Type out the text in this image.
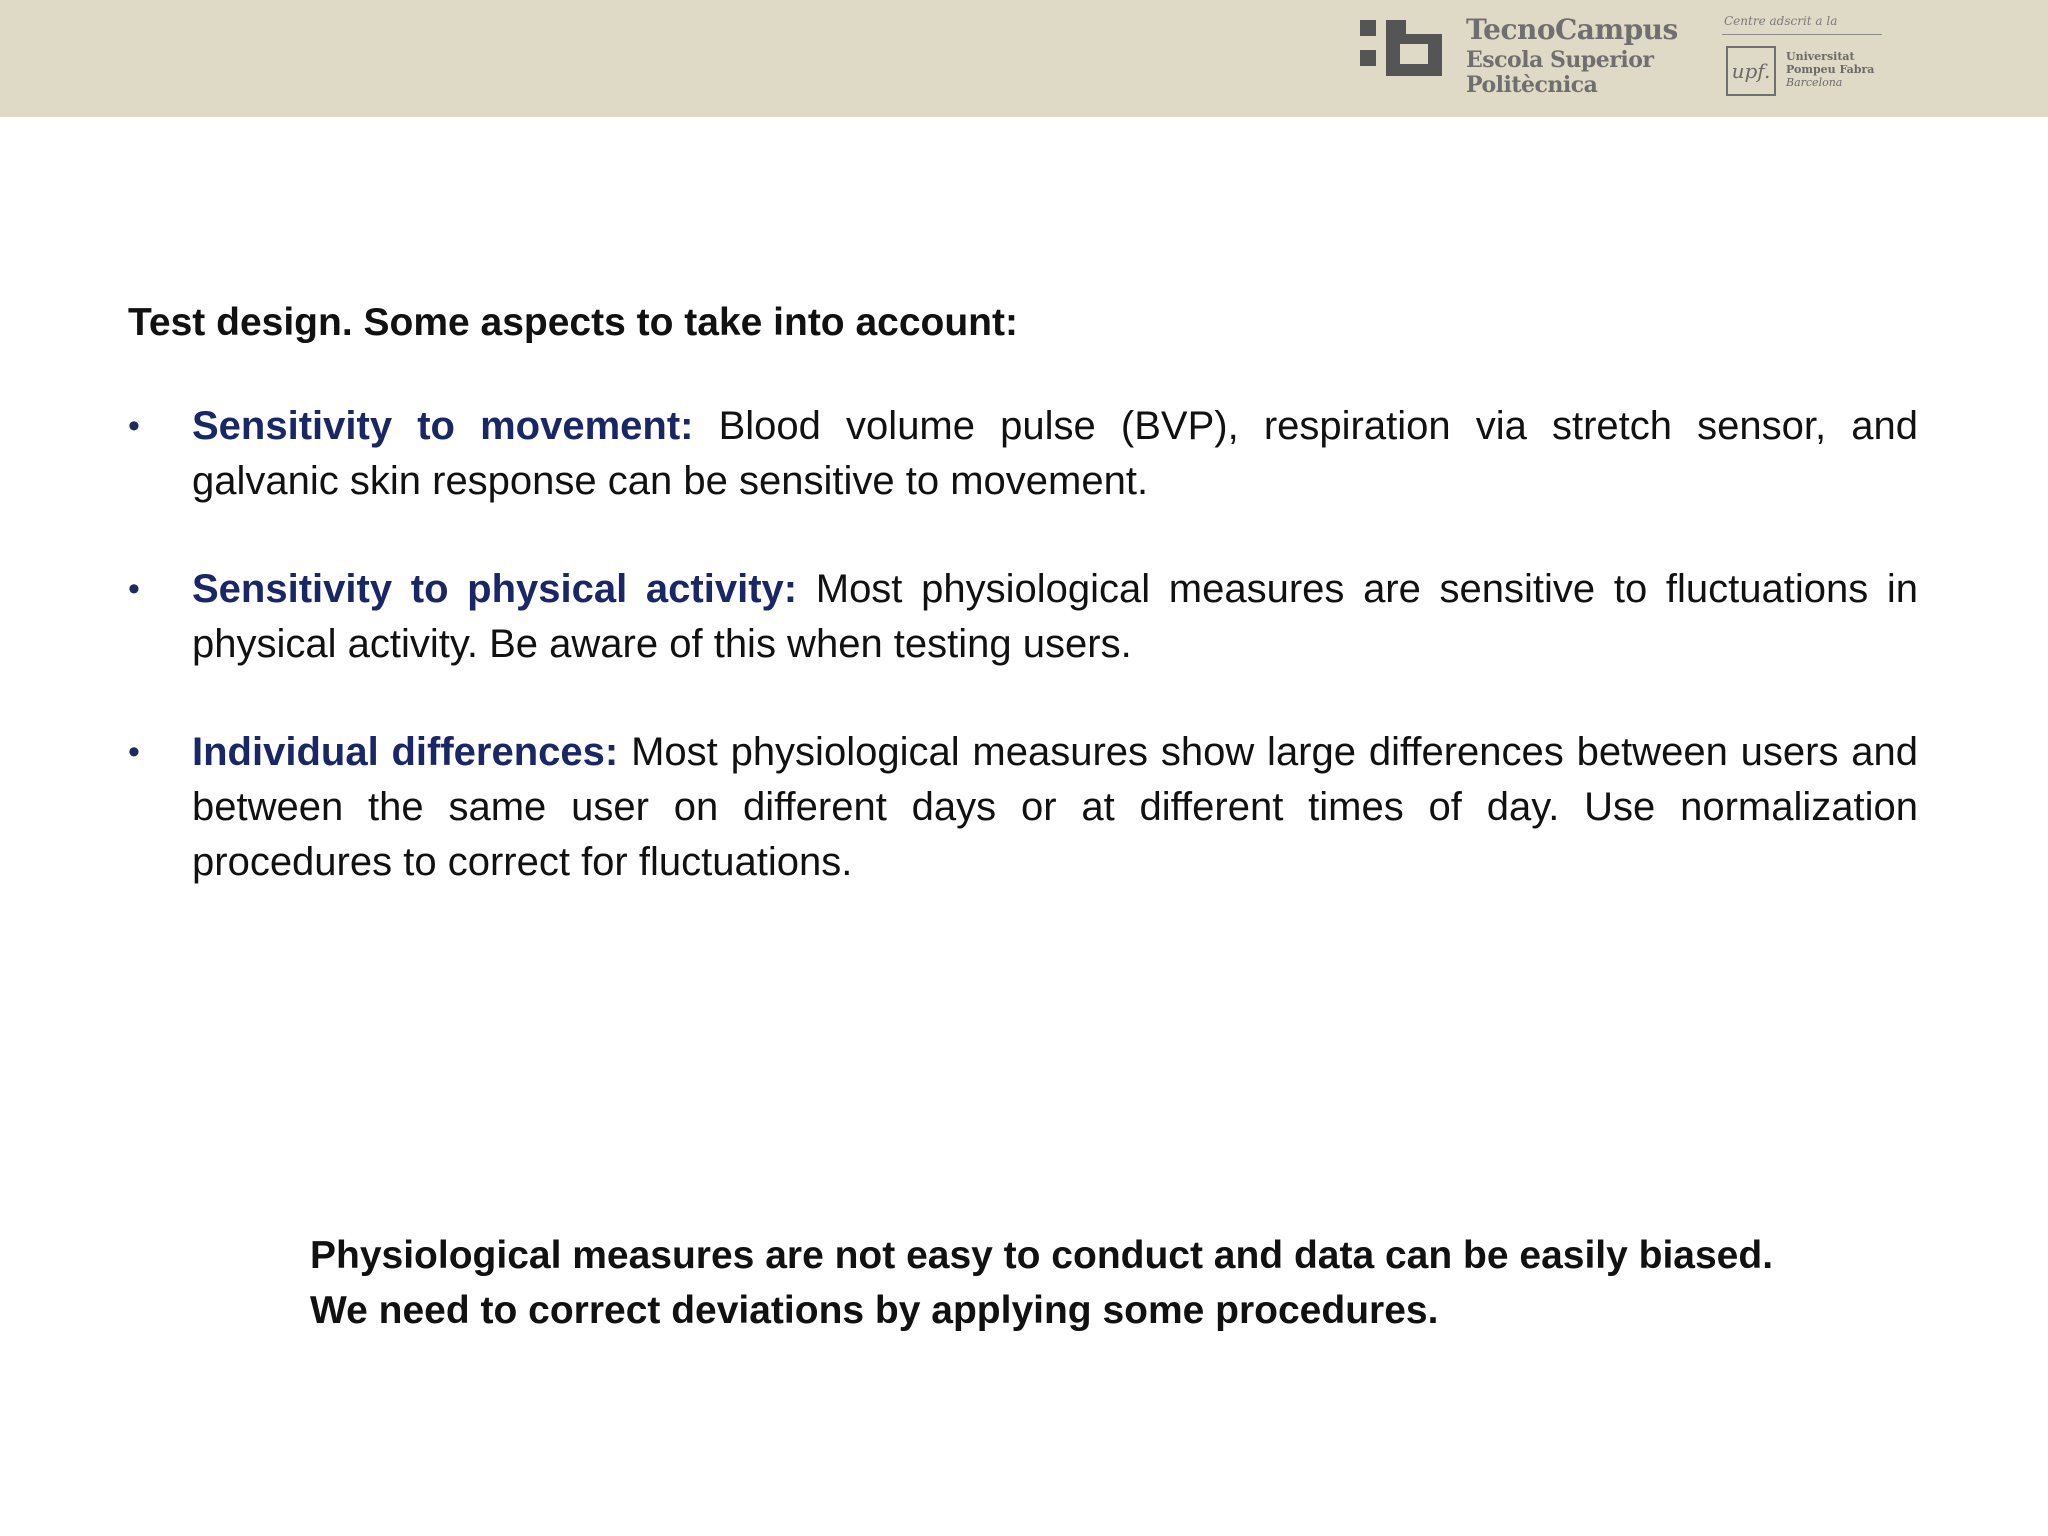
TecnoCampus
Escola Superior
Politècnica
Centre adscrit a la
upf.
Universitat
Pompeu Fabra
Barcelona
Test design. Some aspects to take into account:
• Sensitivity to movement: Blood volume pulse (BVP), respiration via stretch sensor, and galvanic skin response can be sensitive to movement.
• Sensitivity to physical activity: Most physiological measures are sensitive to fluctuations in physical activity. Be aware of this when testing users.
• Individual differences: Most physiological measures show large differences between users and between the same user on different days or at different times of day. Use normalization procedures to correct for fluctuations.
Physiological measures are not easy to conduct and data can be easily biased.
We need to correct deviations by applying some procedures.
